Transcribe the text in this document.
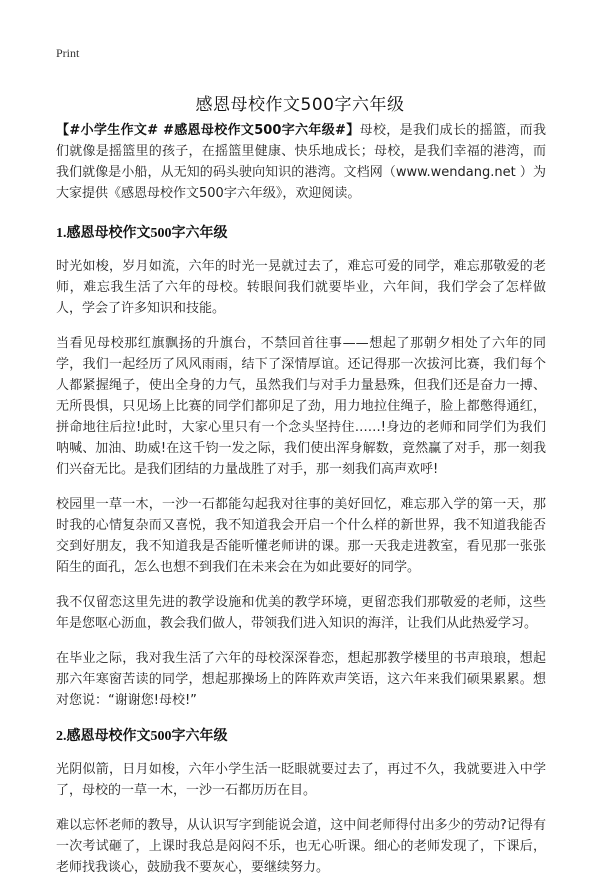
Print
感恩母校作文500字六年级

【#小学生作文# #感恩母校作文500字六年级#】母校，是我们成长的摇篮，而我们就像是摇篮里的孩子，在摇篮里健康、快乐地成长；母校，是我们幸福的港湾，而我们就像是小船，从无知的码头驶向知识的港湾。文档网（www.wendang.net ）为大家提供《感恩母校作文500字六年级》，欢迎阅读。

1.感恩母校作文500字六年级

时光如梭，岁月如流，六年的时光一晃就过去了，难忘可爱的同学，难忘那敬爱的老师，难忘我生活了六年的母校。转眼间我们就要毕业，六年间，我们学会了怎样做人，学会了许多知识和技能。

当看见母校那红旗飘扬的升旗台，不禁回首往事——想起了那朝夕相处了六年的同学，我们一起经历了风风雨雨，结下了深情厚谊。还记得那一次拔河比赛，我们每个人都紧握绳子，使出全身的力气，虽然我们与对手力量悬殊，但我们还是奋力一搏、无所畏惧，只见场上比赛的同学们都卯足了劲，用力地拉住绳子，脸上都憋得通红，拼命地往后拉!此时，大家心里只有一个念头坚持住……!身边的老师和同学们为我们呐喊、加油、助威!在这千钧一发之际，我们使出浑身解数，竟然赢了对手，那一刻我们兴奋无比。是我们团结的力量战胜了对手，那一刻我们高声欢呼!

校园里一草一木，一沙一石都能勾起我对往事的美好回忆，难忘那入学的第一天，那时我的心情复杂而又喜悦，我不知道我会开启一个什么样的新世界，我不知道我能否交到好朋友，我不知道我是否能听懂老师讲的课。那一天我走进教室，看见那一张张陌生的面孔，怎么也想不到我们在未来会在为如此要好的同学。

我不仅留恋这里先进的教学设施和优美的教学环境，更留恋我们那敬爱的老师，这些年是您呕心沥血，教会我们做人，带领我们进入知识的海洋，让我们从此热爱学习。

在毕业之际，我对我生活了六年的母校深深眷恋，想起那教学楼里的书声琅琅，想起那六年寒窗苦读的同学，想起那操场上的阵阵欢声笑语，这六年来我们硕果累累。想对您说：“谢谢您!母校!”

2.感恩母校作文500字六年级

光阴似箭，日月如梭，六年小学生活一眨眼就要过去了，再过不久，我就要进入中学了，母校的一草一木，一沙一石都历历在目。

难以忘怀老师的教导，从认识写字到能说会道，这中间老师得付出多少的劳动?记得有一次考试砸了，上课时我总是闷闷不乐，也无心听课。细心的老师发现了，下课后，老师找我谈心，鼓励我不要灰心，要继续努力。
